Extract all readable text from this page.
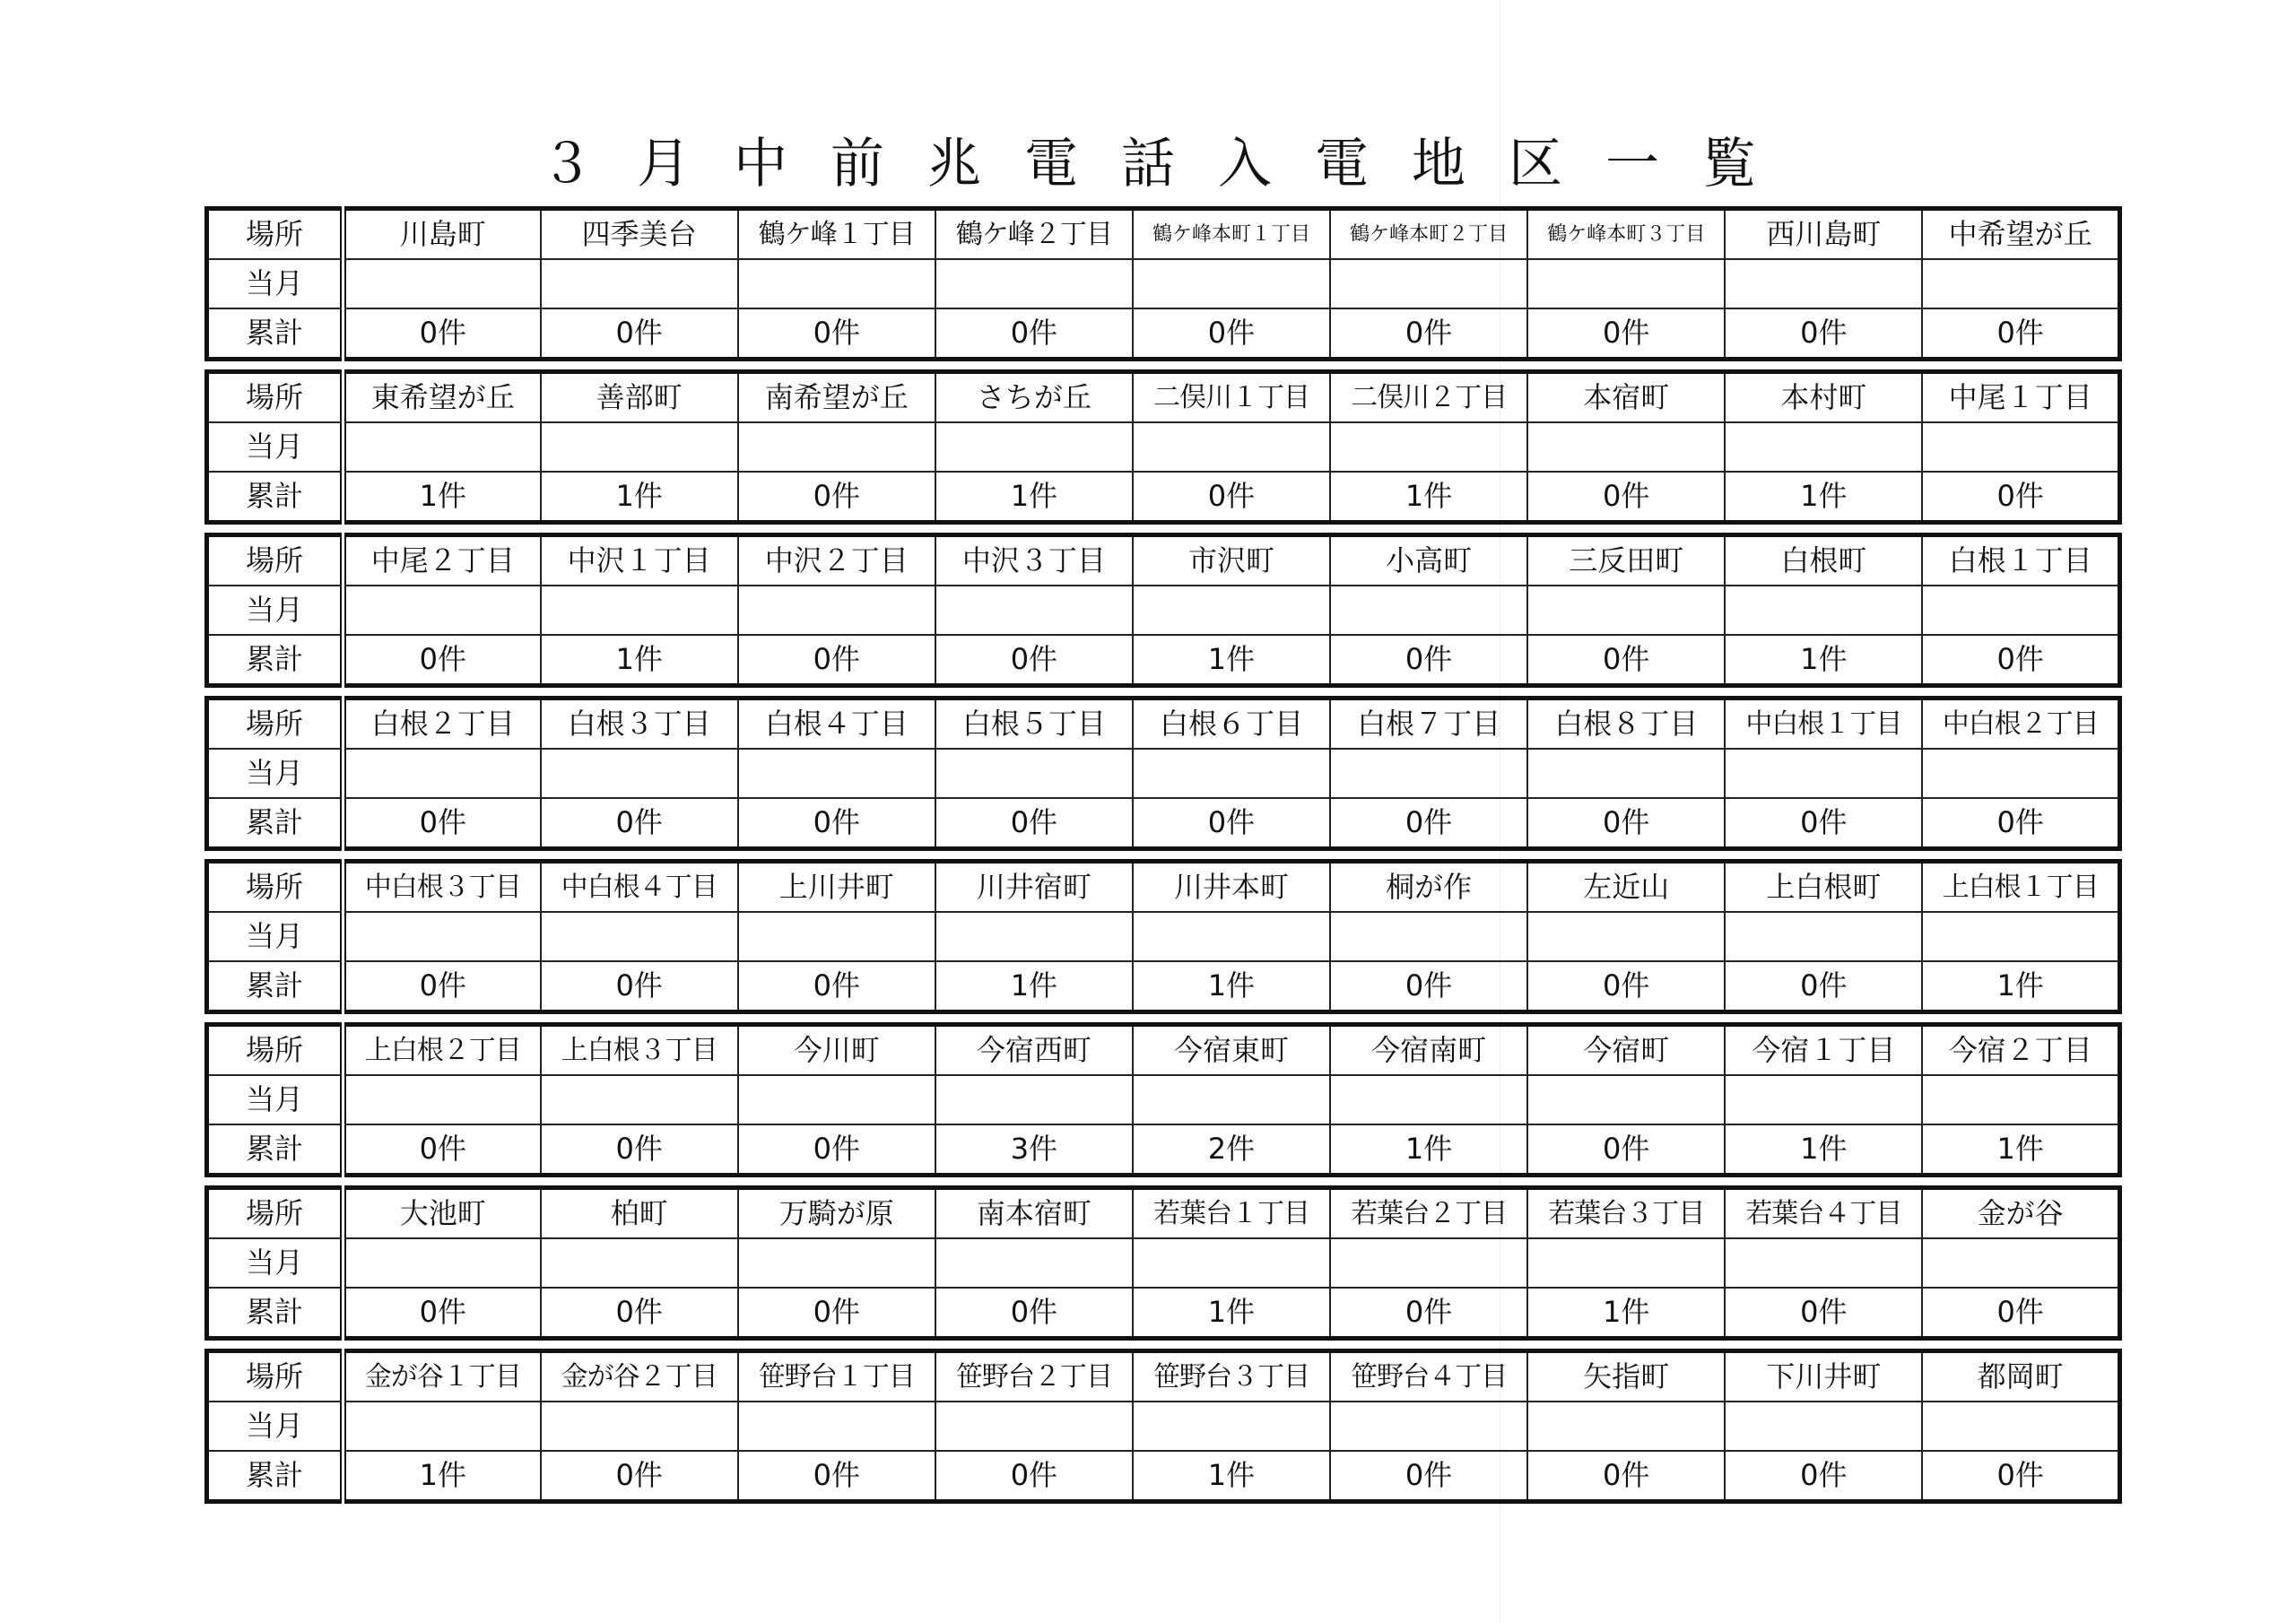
３月中前兆電話入電地区一覧
場所	川島町	四季美台	鶴ケ峰１丁目	鶴ケ峰２丁目	鶴ケ峰本町１丁目	鶴ケ峰本町２丁目	鶴ケ峰本町３丁目	西川島町	中希望が丘
当月									
累計	0件	0件	0件	0件	0件	0件	0件	0件	0件
場所	東希望が丘	善部町	南希望が丘	さちが丘	二俣川１丁目	二俣川２丁目	本宿町	本村町	中尾１丁目
当月									
累計	1件	1件	0件	1件	0件	1件	0件	1件	0件
場所	中尾２丁目	中沢１丁目	中沢２丁目	中沢３丁目	市沢町	小高町	三反田町	白根町	白根１丁目
当月									
累計	0件	1件	0件	0件	1件	0件	0件	1件	0件
場所	白根２丁目	白根３丁目	白根４丁目	白根５丁目	白根６丁目	白根７丁目	白根８丁目	中白根１丁目	中白根２丁目
当月									
累計	0件	0件	0件	0件	0件	0件	0件	0件	0件
場所	中白根３丁目	中白根４丁目	上川井町	川井宿町	川井本町	桐が作	左近山	上白根町	上白根１丁目
当月									
累計	0件	0件	0件	1件	1件	0件	0件	0件	1件
場所	上白根２丁目	上白根３丁目	今川町	今宿西町	今宿東町	今宿南町	今宿町	今宿１丁目	今宿２丁目
当月									
累計	0件	0件	0件	3件	2件	1件	0件	1件	1件
場所	大池町	柏町	万騎が原	南本宿町	若葉台１丁目	若葉台２丁目	若葉台３丁目	若葉台４丁目	金が谷
当月									
累計	0件	0件	0件	0件	1件	0件	1件	0件	0件
場所	金が谷１丁目	金が谷２丁目	笹野台１丁目	笹野台２丁目	笹野台３丁目	笹野台４丁目	矢指町	下川井町	都岡町
当月									
累計	1件	0件	0件	0件	1件	0件	0件	0件	0件
